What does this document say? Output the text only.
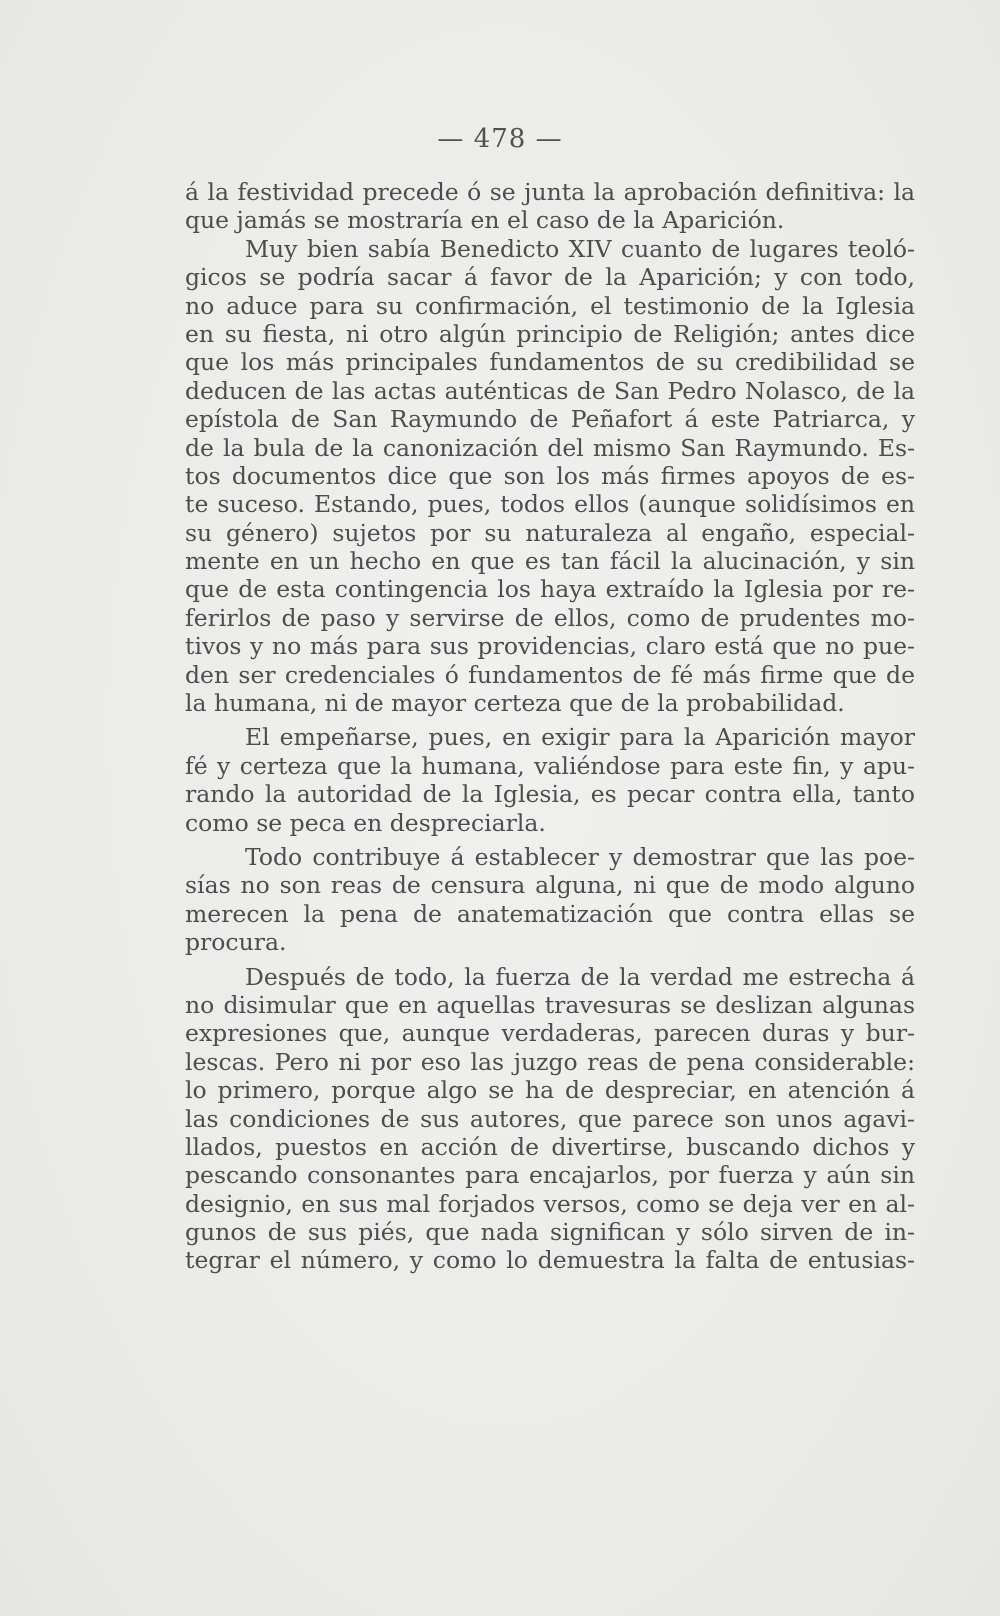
— 478 —
á la festividad precede ó se junta la aprobación definitiva: la
que jamás se mostraría en el caso de la Aparición.
Muy bien sabía Benedicto XIV cuanto de lugares teoló-
gicos se podría sacar á favor de la Aparición; y con todo,
no aduce para su confirmación, el testimonio de la Iglesia
en su fiesta, ni otro algún principio de Religión; antes dice
que los más principales fundamentos de su credibilidad se
deducen de las actas auténticas de San Pedro Nolasco, de la
epístola de San Raymundo de Peñafort á este Patriarca, y
de la bula de la canonización del mismo San Raymundo. Es-
tos documentos dice que son los más firmes apoyos de es-
te suceso. Estando, pues, todos ellos (aunque solidísimos en
su género) sujetos por su naturaleza al engaño, especial-
mente en un hecho en que es tan fácil la alucinación, y sin
que de esta contingencia los haya extraído la Iglesia por re-
ferirlos de paso y servirse de ellos, como de prudentes mo-
tivos y no más para sus providencias, claro está que no pue-
den ser credenciales ó fundamentos de fé más firme que de
la humana, ni de mayor certeza que de la probabilidad.
El empeñarse, pues, en exigir para la Aparición mayor
fé y certeza que la humana, valiéndose para este fin, y apu-
rando la autoridad de la Iglesia, es pecar contra ella, tanto
como se peca en despreciarla.
Todo contribuye á establecer y demostrar que las poe-
sías no son reas de censura alguna, ni que de modo alguno
merecen la pena de anatematización que contra ellas se
procura.
Después de todo, la fuerza de la verdad me estrecha á
no disimular que en aquellas travesuras se deslizan algunas
expresiones que, aunque verdaderas, parecen duras y bur-
lescas. Pero ni por eso las juzgo reas de pena considerable:
lo primero, porque algo se ha de despreciar, en atención á
las condiciones de sus autores, que parece son unos agavi-
llados, puestos en acción de divertirse, buscando dichos y
pescando consonantes para encajarlos, por fuerza y aún sin
designio, en sus mal forjados versos, como se deja ver en al-
gunos de sus piés, que nada significan y sólo sirven de in-
tegrar el número, y como lo demuestra la falta de entusias-
